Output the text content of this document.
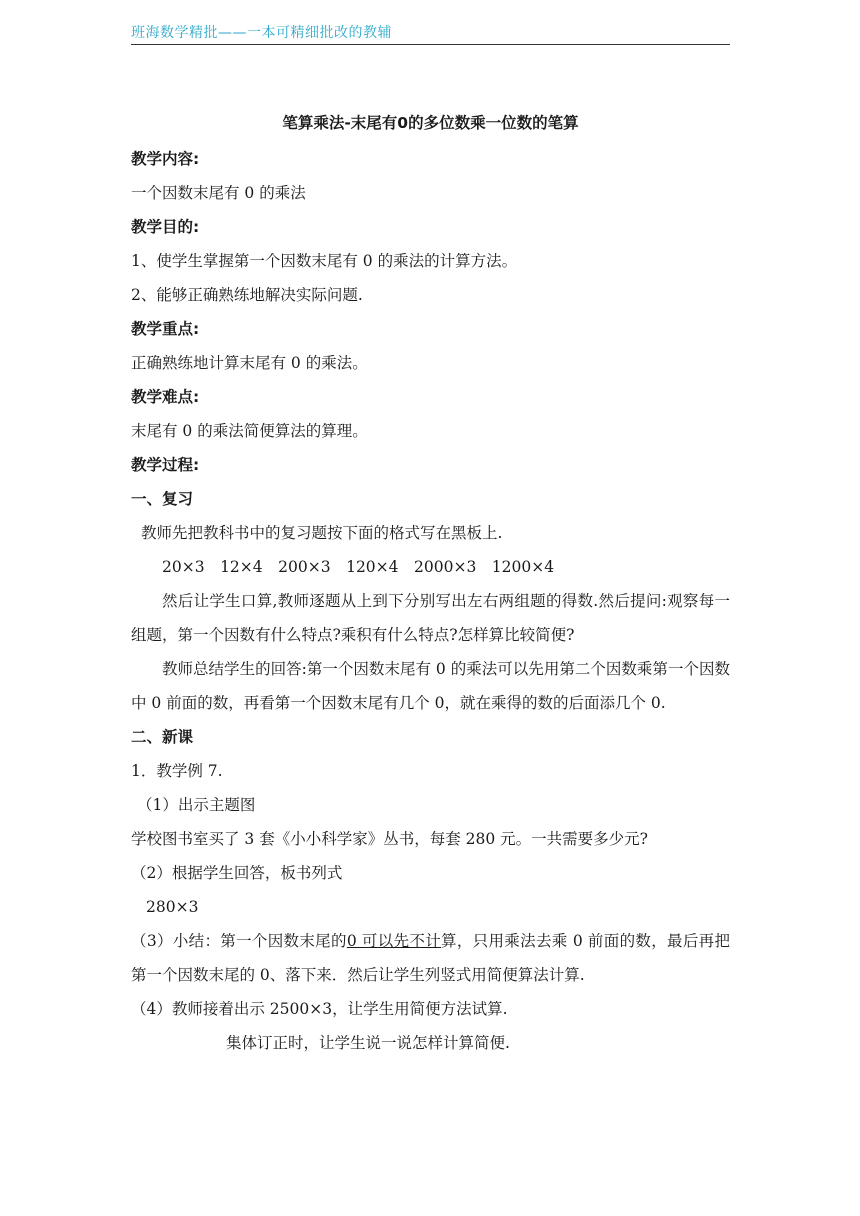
班海数学精批——一本可精细批改的教辅
笔算乘法-末尾有0的多位数乘一位数的笔算
教学内容:
一个因数末尾有 0 的乘法
教学目的:
1、使学生掌握第一个因数末尾有 0 的乘法的计算方法。
2、能够正确熟练地解决实际问题.
教学重点:
正确熟练地计算末尾有 0 的乘法。
教学难点:
末尾有 0 的乘法简便算法的算理。
教学过程:
一、复习
教师先把教科书中的复习题按下面的格式写在黑板上.
20×3　12×4　200×3　120×4　2000×3　1200×4
然后让学生口算,教师逐题从上到下分别写出左右两组题的得数.然后提问:观察每一组题，第一个因数有什么特点?乘积有什么特点?怎样算比较简便?
教师总结学生的回答:第一个因数末尾有 0 的乘法可以先用第二个因数乘第一个因数中 0 前面的数，再看第一个因数末尾有几个 0，就在乘得的数的后面添几个 0.
二、新课
1．教学例 7.
（1）出示主题图
学校图书室买了 3 套《小小科学家》丛书，每套 280 元。一共需要多少元?
（2）根据学生回答，板书列式
280×3
（3）小结：第一个因数末尾的0 可以先不计算，只用乘法去乘 0 前面的数，最后再把第一个因数末尾的 0、落下来．然后让学生列竖式用简便算法计算.
（4）教师接着出示 2500×3，让学生用简便方法试算.
集体订正时，让学生说一说怎样计算简便.
